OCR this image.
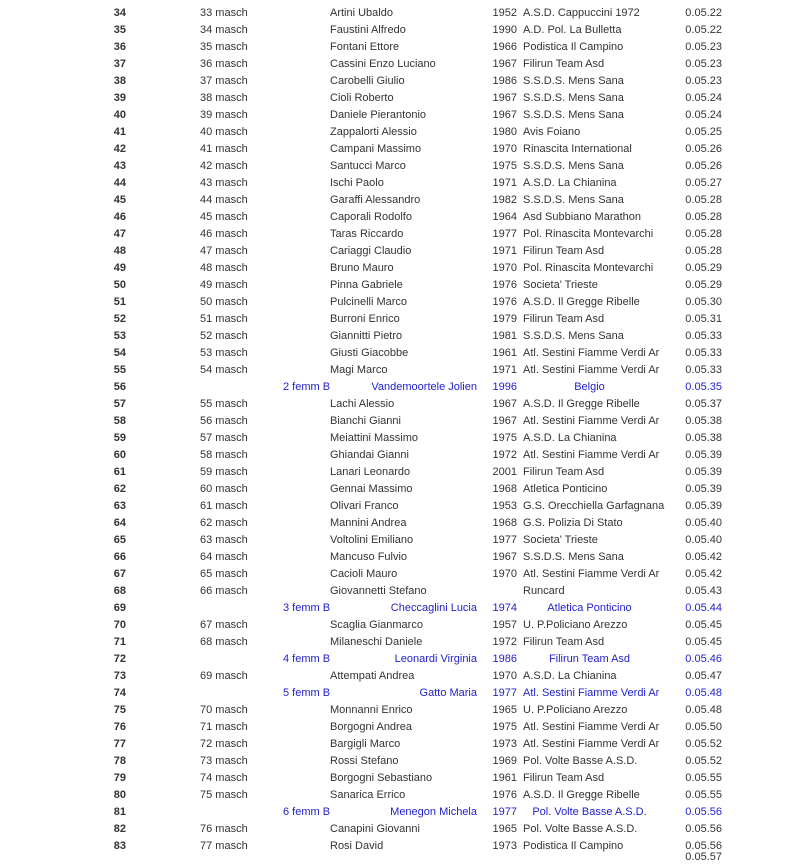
34	33 masch	Artini Ubaldo	1952 A.S.D. Cappuccini 1972	0.05.22
35	34 masch	Faustini Alfredo	1990 A.D. Pol. La Bulletta	0.05.22
36	35 masch	Fontani Ettore	1966 Podistica Il Campino	0.05.23
37	36 masch	Cassini Enzo Luciano	1967 Filirun Team Asd	0.05.23
38	37 masch	Carobelli Giulio	1986 S.S.D.S. Mens Sana	0.05.23
39	38 masch	Cioli Roberto	1967 S.S.D.S. Mens Sana	0.05.24
40	39 masch	Daniele Pierantonio	1967 S.S.D.S. Mens Sana	0.05.24
41	40 masch	Zappalorti Alessio	1980 Avis Foiano	0.05.25
42	41 masch	Campani Massimo	1970 Rinascita International	0.05.26
43	42 masch	Santucci Marco	1975 S.S.D.S. Mens Sana	0.05.26
44	43 masch	Ischi Paolo	1971 A.S.D. La Chianina	0.05.27
45	44 masch	Garaffi Alessandro	1982 S.S.D.S. Mens Sana	0.05.28
46	45 masch	Caporali Rodolfo	1964 Asd Subbiano Marathon	0.05.28
47	46 masch	Taras Riccardo	1977 Pol. Rinascita Montevarchi	0.05.28
48	47 masch	Cariaggi Claudio	1971 Filirun Team Asd	0.05.28
49	48 masch	Bruno Mauro	1970 Pol. Rinascita Montevarchi	0.05.29
50	49 masch	Pinna Gabriele	1976 Societa' Trieste	0.05.29
51	50 masch	Pulcinelli Marco	1976 A.S.D. Il Gregge Ribelle	0.05.30
52	51 masch	Burroni Enrico	1979 Filirun Team Asd	0.05.31
53	52 masch	Giannitti Pietro	1981 S.S.D.S. Mens Sana	0.05.33
54	53 masch	Giusti Giacobbe	1961 Atl. Sestini Fiamme Verdi Ar	0.05.33
55	54 masch	Magi Marco	1971 Atl. Sestini Fiamme Verdi Ar	0.05.33
56	2 femm B	Vandemoortele Jolien	1996	Belgio	0.05.35
57	55 masch	Lachi Alessio	1967 A.S.D. Il Gregge Ribelle	0.05.37
58	56 masch	Bianchi Gianni	1967 Atl. Sestini Fiamme Verdi Ar	0.05.38
59	57 masch	Meiattini Massimo	1975 A.S.D. La Chianina	0.05.38
60	58 masch	Ghiandai Gianni	1972 Atl. Sestini Fiamme Verdi Ar	0.05.39
61	59 masch	Lanari Leonardo	2001 Filirun Team Asd	0.05.39
62	60 masch	Gennai Massimo	1968 Atletica Ponticino	0.05.39
63	61 masch	Olivari Franco	1953 G.S. Orecchiella Garfagnana	0.05.39
64	62 masch	Mannini Andrea	1968 G.S. Polizia Di Stato	0.05.40
65	63 masch	Voltolini Emiliano	1977 Societa' Trieste	0.05.40
66	64 masch	Mancuso Fulvio	1967 S.S.D.S. Mens Sana	0.05.42
67	65 masch	Cacioli Mauro	1970 Atl. Sestini Fiamme Verdi Ar	0.05.42
68	66 masch	Giovannetti Stefano	Runcard	0.05.43
69	3 femm B	Checcaglini Lucia	1974	Atletica Ponticino	0.05.44
70	67 masch	Scaglia Gianmarco	1957 U. P.Policiano Arezzo	0.05.45
71	68 masch	Milaneschi Daniele	1972 Filirun Team Asd	0.05.45
72	4 femm B	Leonardi Virginia	1986	Filirun Team Asd	0.05.46
73	69 masch	Attempati Andrea	1970 A.S.D. La Chianina	0.05.47
74	5 femm B	Gatto Maria	1977 Atl. Sestini Fiamme Verdi Ar	0.05.48
75	70 masch	Monnanni Enrico	1965 U. P.Policiano Arezzo	0.05.48
76	71 masch	Borgogni Andrea	1975 Atl. Sestini Fiamme Verdi Ar	0.05.50
77	72 masch	Bargigli Marco	1973 Atl. Sestini Fiamme Verdi Ar	0.05.52
78	73 masch	Rossi Stefano	1969 Pol. Volte Basse A.S.D.	0.05.52
79	74 masch	Borgogni Sebastiano	1961 Filirun Team Asd	0.05.55
80	75 masch	Sanarica Errico	1976 A.S.D. Il Gregge Ribelle	0.05.55
81	6 femm B	Menegon Michela	1977	Pol. Volte Basse A.S.D.	0.05.56
82	76 masch	Canapini Giovanni	1965 Pol. Volte Basse A.S.D.	0.05.56
83	77 masch	Rosi David	1973 Podistica Il Campino	0.05.56
0.05.57
